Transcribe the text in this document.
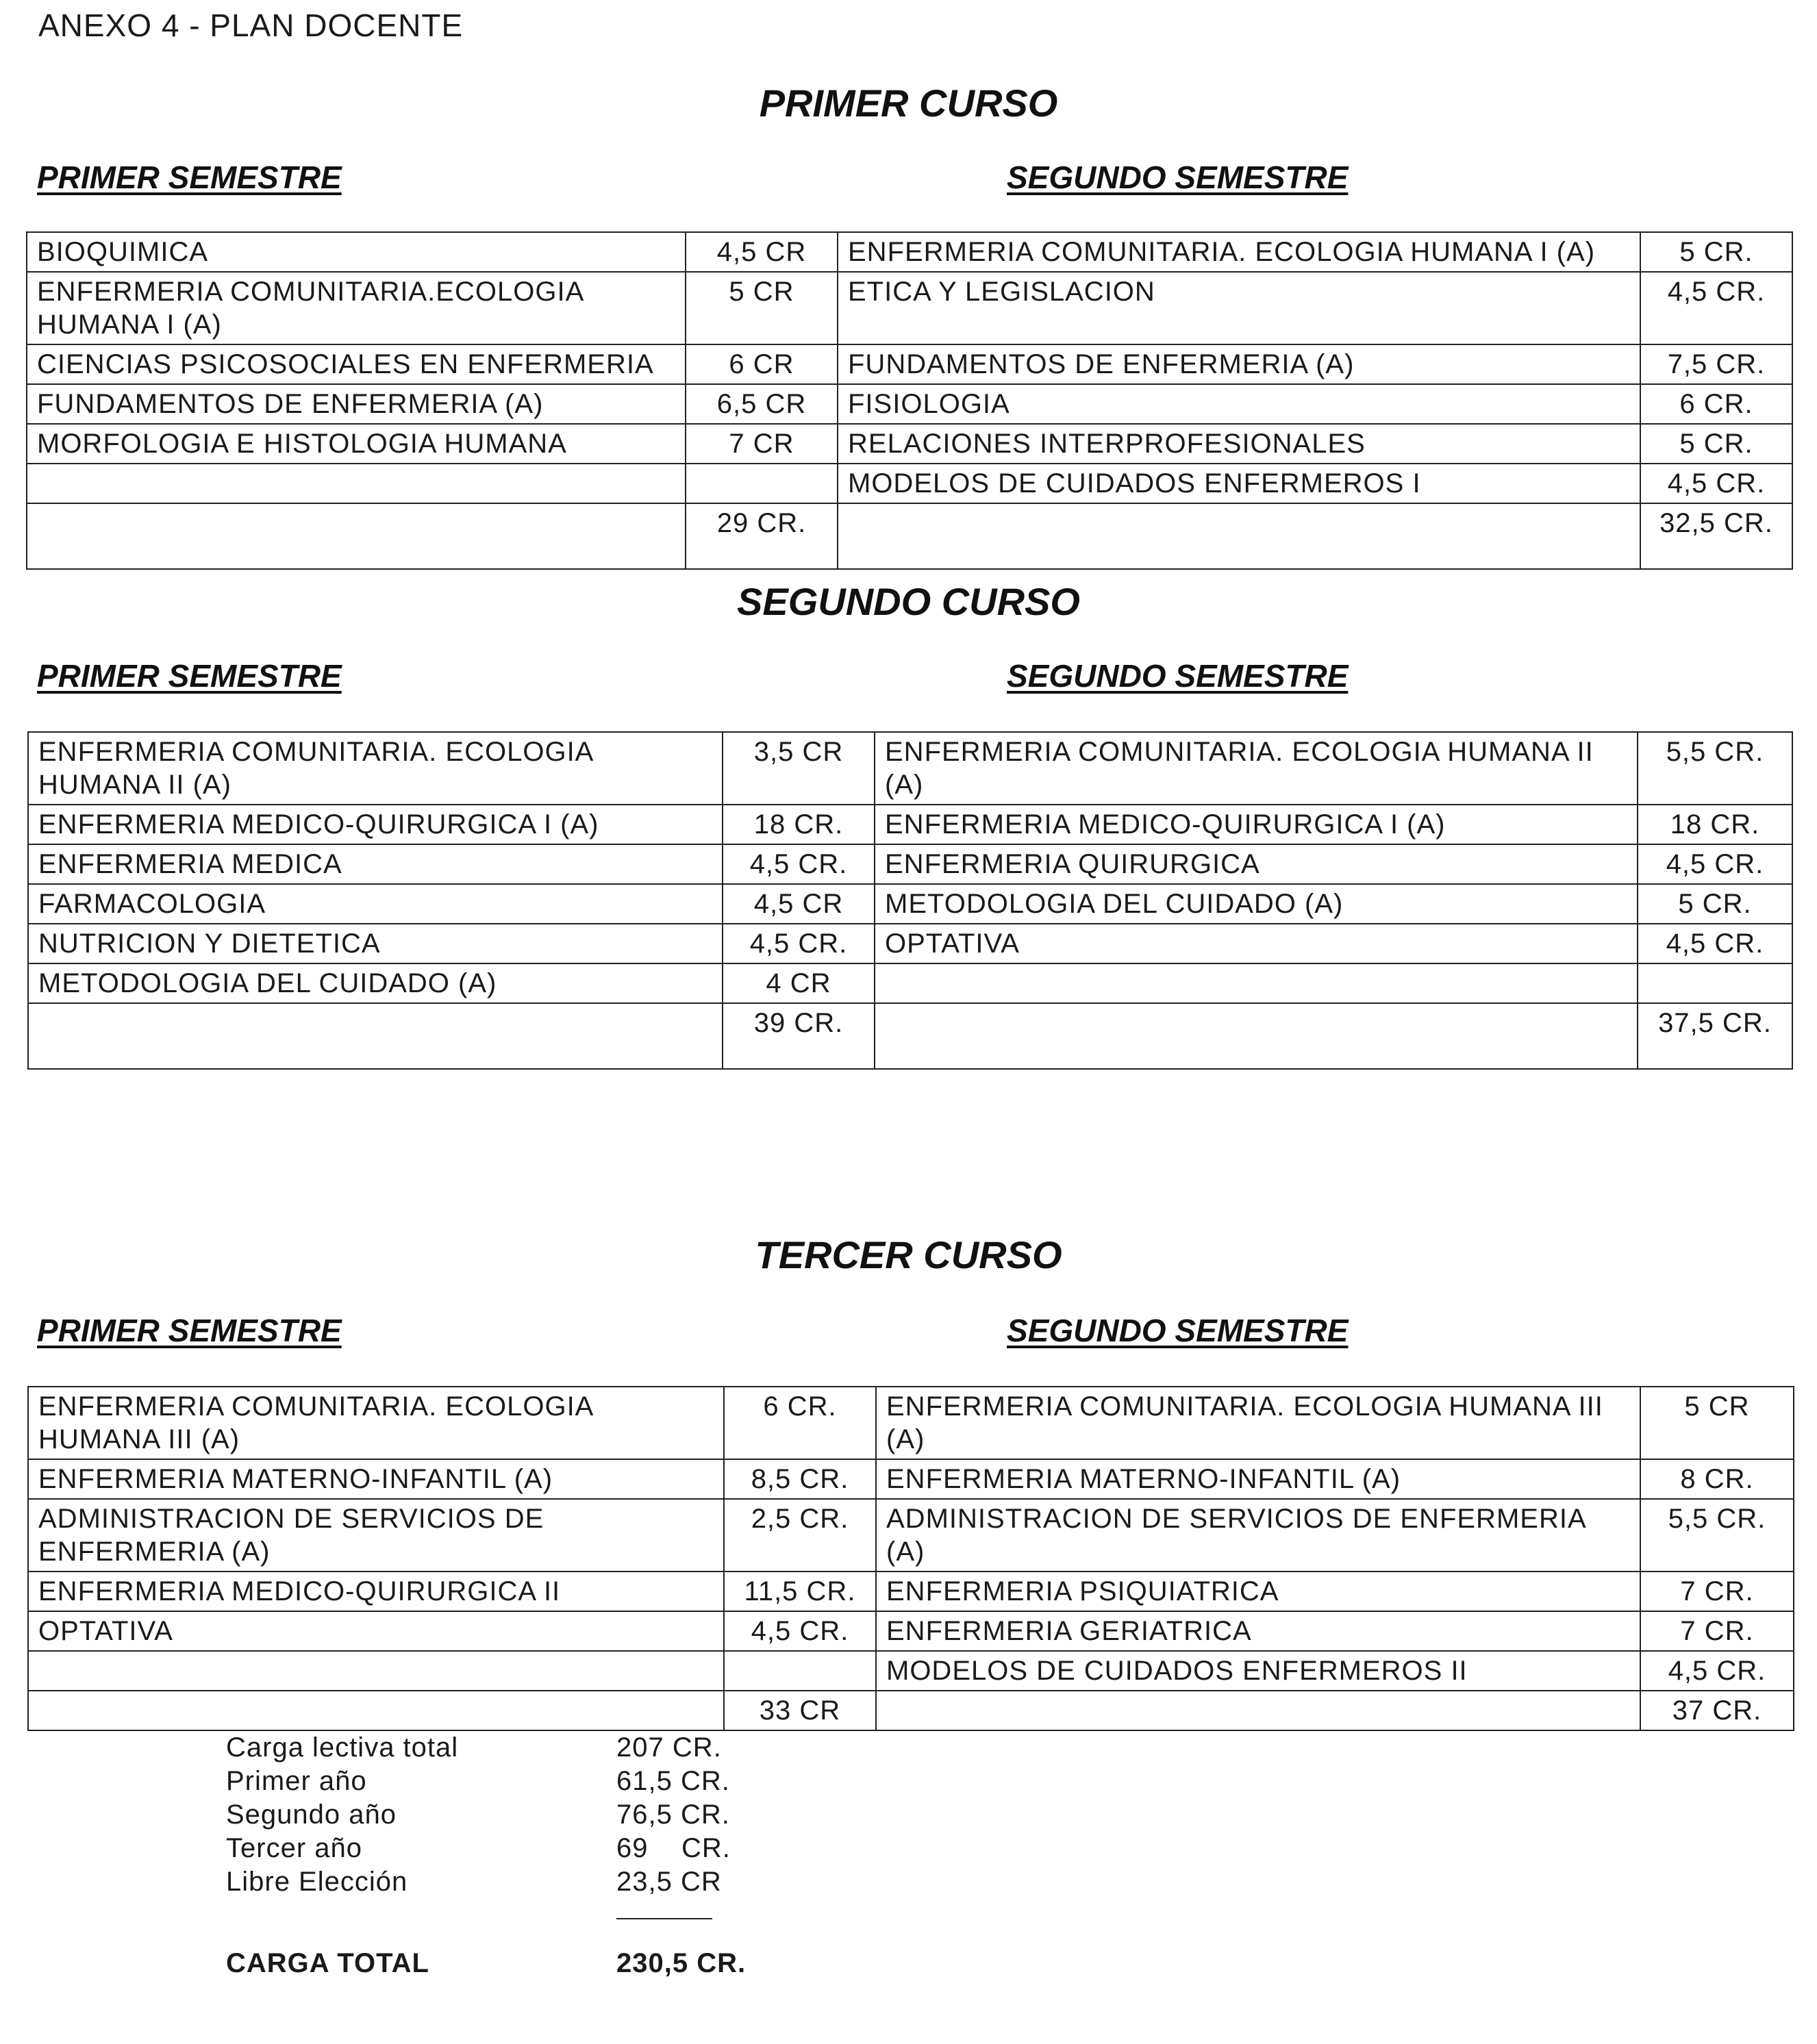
ANEXO 4 - PLAN DOCENTE
PRIMER CURSO
PRIMER SEMESTRE	SEGUNDO SEMESTRE
BIOQUIMICA	4,5 CR	ENFERMERIA COMUNITARIA. ECOLOGIA HUMANA I (A)	5 CR.
ENFERMERIA COMUNITARIA.ECOLOGIA HUMANA I (A)	5 CR	ETICA Y LEGISLACION	4,5 CR.
CIENCIAS PSICOSOCIALES EN ENFERMERIA	6 CR	FUNDAMENTOS DE ENFERMERIA (A)	7,5 CR.
FUNDAMENTOS DE ENFERMERIA (A)	6,5 CR	FISIOLOGIA	6 CR.
MORFOLOGIA E HISTOLOGIA HUMANA	7 CR	RELACIONES INTERPROFESIONALES	5 CR.
		MODELOS DE CUIDADOS ENFERMEROS I	4,5 CR.
	29 CR.		32,5 CR.
SEGUNDO CURSO
PRIMER SEMESTRE	SEGUNDO SEMESTRE
ENFERMERIA COMUNITARIA. ECOLOGIA HUMANA II (A)	3,5 CR	ENFERMERIA COMUNITARIA. ECOLOGIA HUMANA II (A)	5,5 CR.
ENFERMERIA MEDICO-QUIRURGICA I (A)	18 CR.	ENFERMERIA MEDICO-QUIRURGICA I (A)	18 CR.
ENFERMERIA MEDICA	4,5 CR.	ENFERMERIA QUIRURGICA	4,5 CR.
FARMACOLOGIA	4,5 CR	METODOLOGIA DEL CUIDADO (A)	5 CR.
NUTRICION Y DIETETICA	4,5 CR.	OPTATIVA	4,5 CR.
METODOLOGIA DEL CUIDADO (A)	4 CR		
	39 CR.		37,5 CR.
TERCER CURSO
PRIMER SEMESTRE	SEGUNDO SEMESTRE
ENFERMERIA COMUNITARIA. ECOLOGIA HUMANA III (A)	6 CR.	ENFERMERIA COMUNITARIA. ECOLOGIA HUMANA III (A)	5 CR
ENFERMERIA MATERNO-INFANTIL (A)	8,5 CR.	ENFERMERIA MATERNO-INFANTIL (A)	8 CR.
ADMINISTRACION DE SERVICIOS DE ENFERMERIA (A)	2,5 CR.	ADMINISTRACION DE SERVICIOS DE ENFERMERIA (A)	5,5 CR.
ENFERMERIA MEDICO-QUIRURGICA II	11,5 CR.	ENFERMERIA PSIQUIATRICA	7 CR.
OPTATIVA	4,5 CR.	ENFERMERIA GERIATRICA	7 CR.
		MODELOS DE CUIDADOS ENFERMEROS II	4,5 CR.
	33 CR		37 CR.
Carga lectiva total	207 CR.
Primer año	61,5 CR.
Segundo año	76,5 CR.
Tercer año	69    CR.
Libre Elección	23,5 CR
CARGA TOTAL	230,5 CR.
